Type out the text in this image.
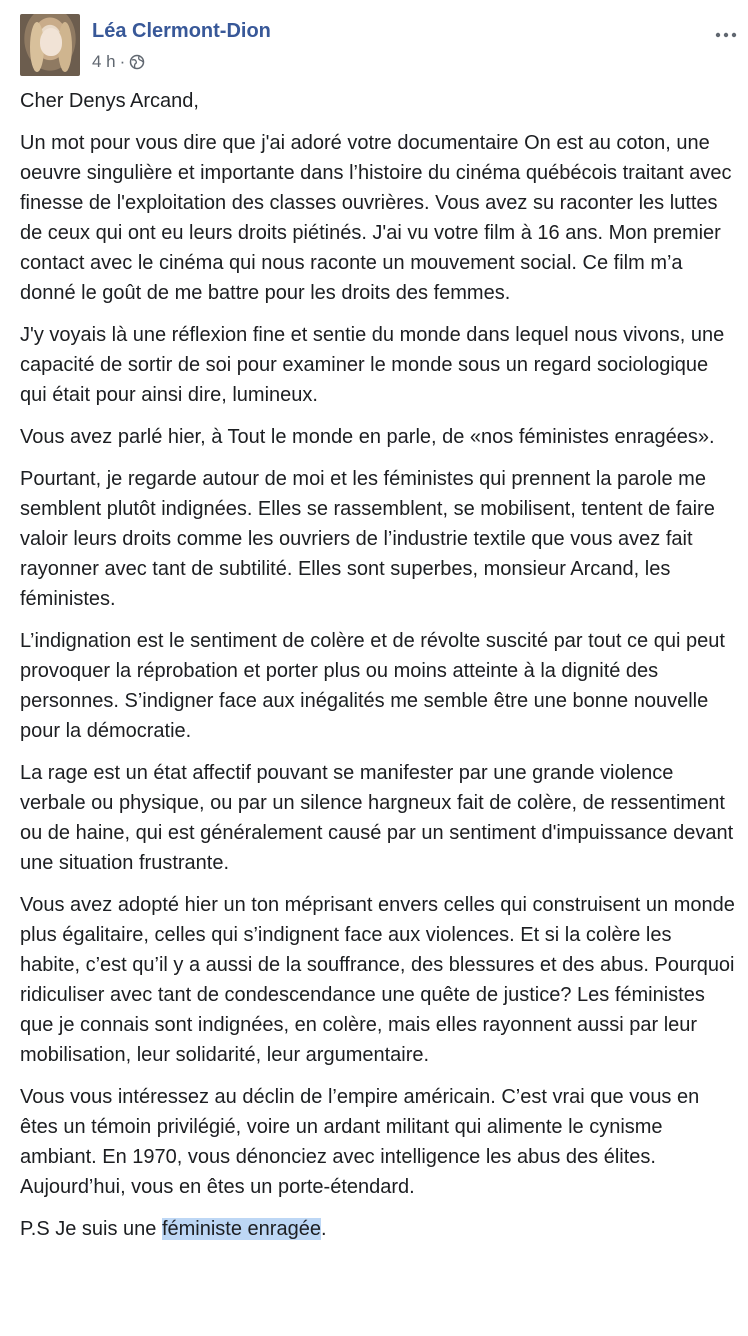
Léa Clermont-Dion
4 h ·

Cher Denys Arcand,

Un mot pour vous dire que j'ai adoré votre documentaire On est au coton, une oeuvre singulière et importante dans l’histoire du cinéma québécois traitant avec finesse de l'exploitation des classes ouvrières. Vous avez su raconter les luttes de ceux qui ont eu leurs droits piétinés. J'ai vu votre film à 16 ans. Mon premier contact avec le cinéma qui nous raconte un mouvement social. Ce film m’a donné le goût de me battre pour les droits des femmes.

J'y voyais là une réflexion fine et sentie du monde dans lequel nous vivons, une capacité de sortir de soi pour examiner le monde sous un regard sociologique qui était pour ainsi dire, lumineux.

Vous avez parlé hier, à Tout le monde en parle, de «nos féministes enragées».

Pourtant, je regarde autour de moi et les féministes qui prennent la parole me semblent plutôt indignées. Elles se rassemblent, se mobilisent, tentent de faire valoir leurs droits comme les ouvriers de l’industrie textile que vous avez fait rayonner avec tant de subtilité. Elles sont superbes, monsieur Arcand, les féministes.

L’indignation est le sentiment de colère et de révolte suscité par tout ce qui peut provoquer la réprobation et porter plus ou moins atteinte à la dignité des personnes. S’indigner face aux inégalités me semble être une bonne nouvelle pour la démocratie.

La rage est un état affectif pouvant se manifester par une grande violence verbale ou physique, ou par un silence hargneux fait de colère, de ressentiment ou de haine, qui est généralement causé par un sentiment d'impuissance devant une situation frustrante.

Vous avez adopté hier un ton méprisant envers celles qui construisent un monde plus égalitaire, celles qui s’indignent face aux violences. Et si la colère les habite, c’est qu’il y a aussi de la souffrance, des blessures et des abus. Pourquoi ridiculiser avec tant de condescendance une quête de justice? Les féministes que je connais sont indignées, en colère, mais elles rayonnent aussi par leur mobilisation, leur solidarité, leur argumentaire.

Vous vous intéressez au déclin de l’empire américain. C’est vrai que vous en êtes un témoin privilégié, voire un ardant militant qui alimente le cynisme ambiant. En 1970, vous dénonciez avec intelligence les abus des élites. Aujourd’hui, vous en êtes un porte-étendard.

P.S Je suis une féministe enragée.
